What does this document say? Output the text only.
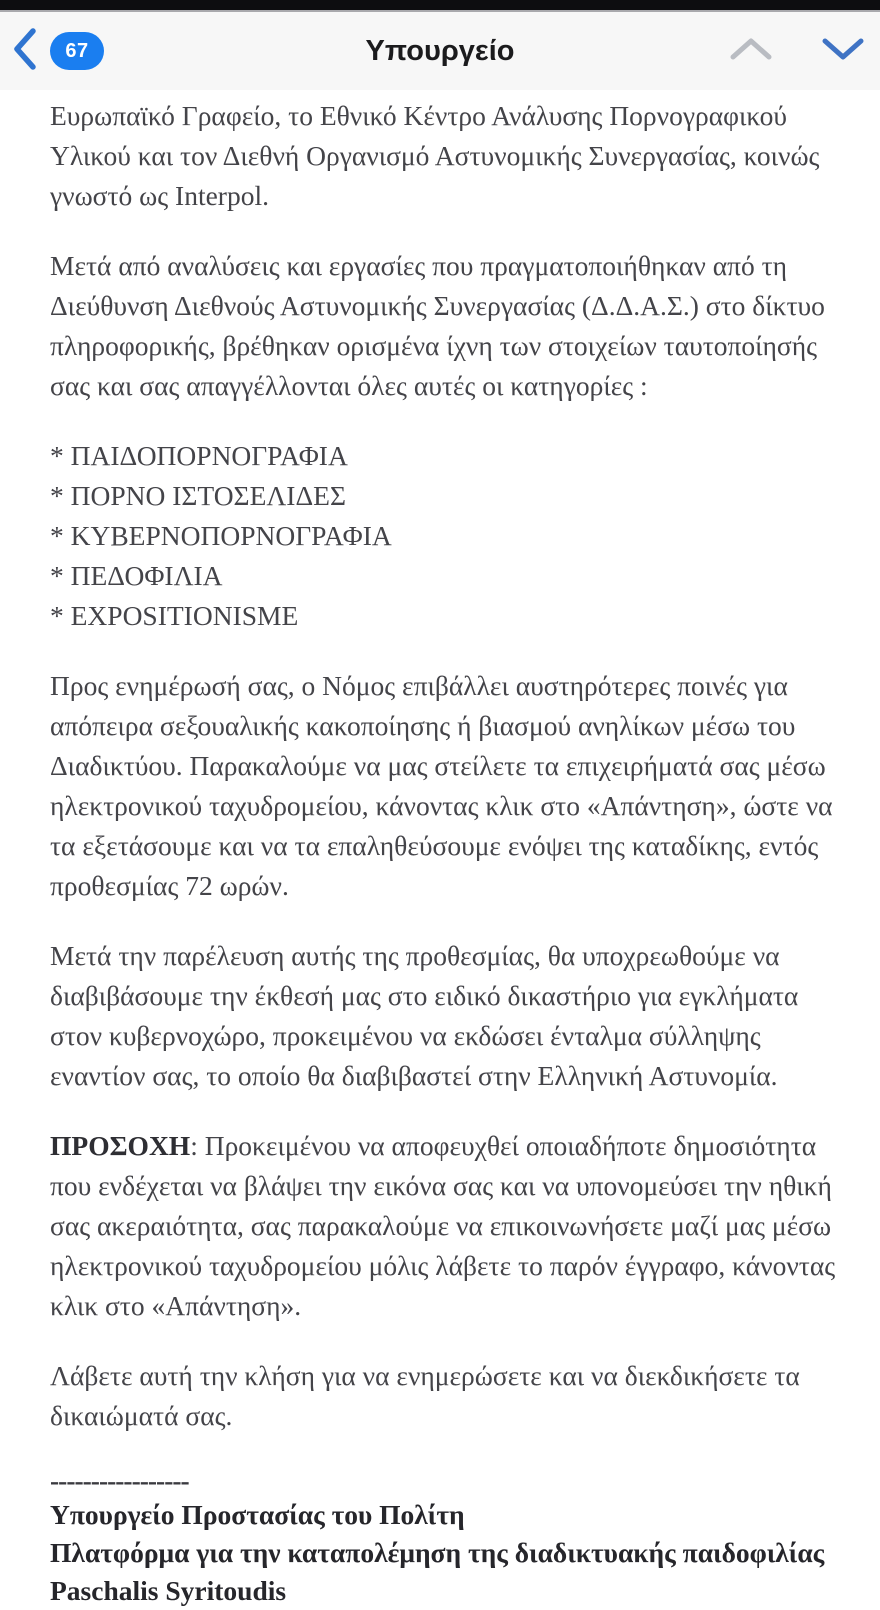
67	Υπουργείο

Ευρωπαϊκό Γραφείο, το Εθνικό Κέντρο Ανάλυσης Πορνογραφικού Υλικού και τον Διεθνή Οργανισμό Αστυνομικής Συνεργασίας, κοινώς γνωστό ως Interpol.

Μετά από αναλύσεις και εργασίες που πραγματοποιήθηκαν από τη Διεύθυνση Διεθνούς Αστυνομικής Συνεργασίας (Δ.Δ.Α.Σ.) στο δίκτυο πληροφορικής, βρέθηκαν ορισμένα ίχνη των στοιχείων ταυτοποίησής σας και σας απαγγέλλονται όλες αυτές οι κατηγορίες :

* ΠΑΙΔΟΠΟΡΝΟΓΡΑΦΙΑ
* ΠΟΡΝΟ ΙΣΤΟΣΕΛΙΔΕΣ
* ΚΥΒΕΡΝΟΠΟΡΝΟΓΡΑΦΙΑ
* ΠΕΔΟΦΙΛΙΑ
* EXPOSITIONISME

Προς ενημέρωσή σας, ο Νόμος επιβάλλει αυστηρότερες ποινές για απόπειρα σεξουαλικής κακοποίησης ή βιασμού ανηλίκων μέσω του Διαδικτύου. Παρακαλούμε να μας στείλετε τα επιχειρήματά σας μέσω ηλεκτρονικού ταχυδρομείου, κάνοντας κλικ στο «Απάντηση», ώστε να τα εξετάσουμε και να τα επαληθεύσουμε ενόψει της καταδίκης, εντός προθεσμίας 72 ωρών.

Μετά την παρέλευση αυτής της προθεσμίας, θα υποχρεωθούμε να διαβιβάσουμε την έκθεσή μας στο ειδικό δικαστήριο για εγκλήματα στον κυβερνοχώρο, προκειμένου να εκδώσει ένταλμα σύλληψης εναντίον σας, το οποίο θα διαβιβαστεί στην Ελληνική Αστυνομία.

ΠΡΟΣΟΧΗ: Προκειμένου να αποφευχθεί οποιαδήποτε δημοσιότητα που ενδέχεται να βλάψει την εικόνα σας και να υπονομεύσει την ηθική σας ακεραιότητα, σας παρακαλούμε να επικοινωνήσετε μαζί μας μέσω ηλεκτρονικού ταχυδρομείου μόλις λάβετε το παρόν έγγραφο, κάνοντας κλικ στο «Απάντηση».

Λάβετε αυτή την κλήση για να ενημερώσετε και να διεκδικήσετε τα δικαιώματά σας.

-----------------
Υπουργείο Προστασίας του Πολίτη
Πλατφόρμα για την καταπολέμηση της διαδικτυακής παιδοφιλίας
Paschalis Syritoudis
